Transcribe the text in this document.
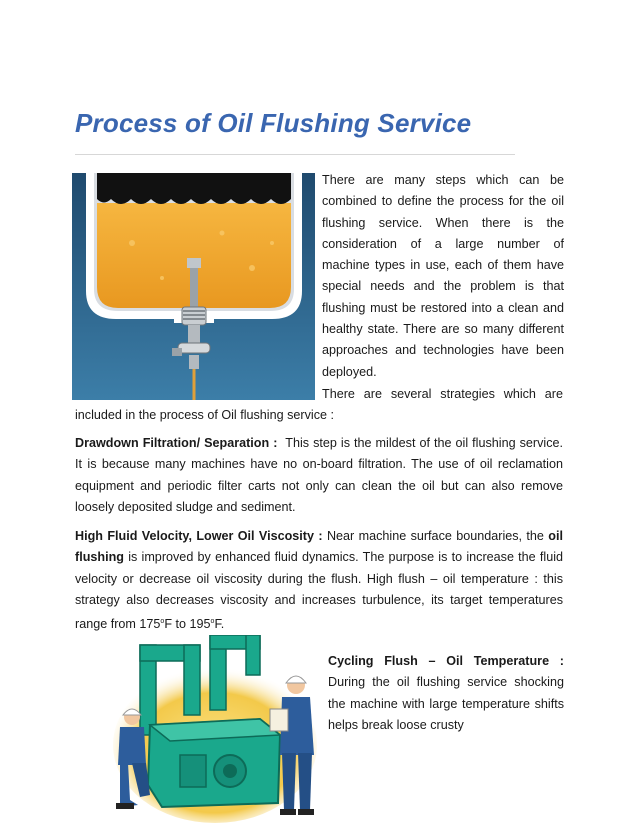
Process of Oil Flushing Service

There are many steps which can be combined to define the process for the oil flushing service. When there is the consideration of a large number of machine types in use, each of them have special needs and the problem is that flushing must be restored into a clean and healthy state. There are so many different approaches and technologies have been deployed.

There are several strategies which are included in the process of Oil flushing service :

Drawdown Filtration/ Separation : This step is the mildest of the oil flushing service. It is because many machines have no on-board filtration. The use of oil reclamation equipment and periodic filter carts not only can clean the oil but can also remove loosely deposited sludge and sediment.

High Fluid Velocity, Lower Oil Viscosity : Near machine surface boundaries, the oil flushing is improved by enhanced fluid dynamics. The purpose is to increase the fluid velocity or decrease oil viscosity during the flush. High flush – oil temperature : this strategy also decreases viscosity and increases turbulence, its target temperatures range from 175$^o$F to 195$^o$F.

Cycling Flush – Oil Temperature : During the oil flushing service shocking the machine with large temperature shifts helps break loose crusty
